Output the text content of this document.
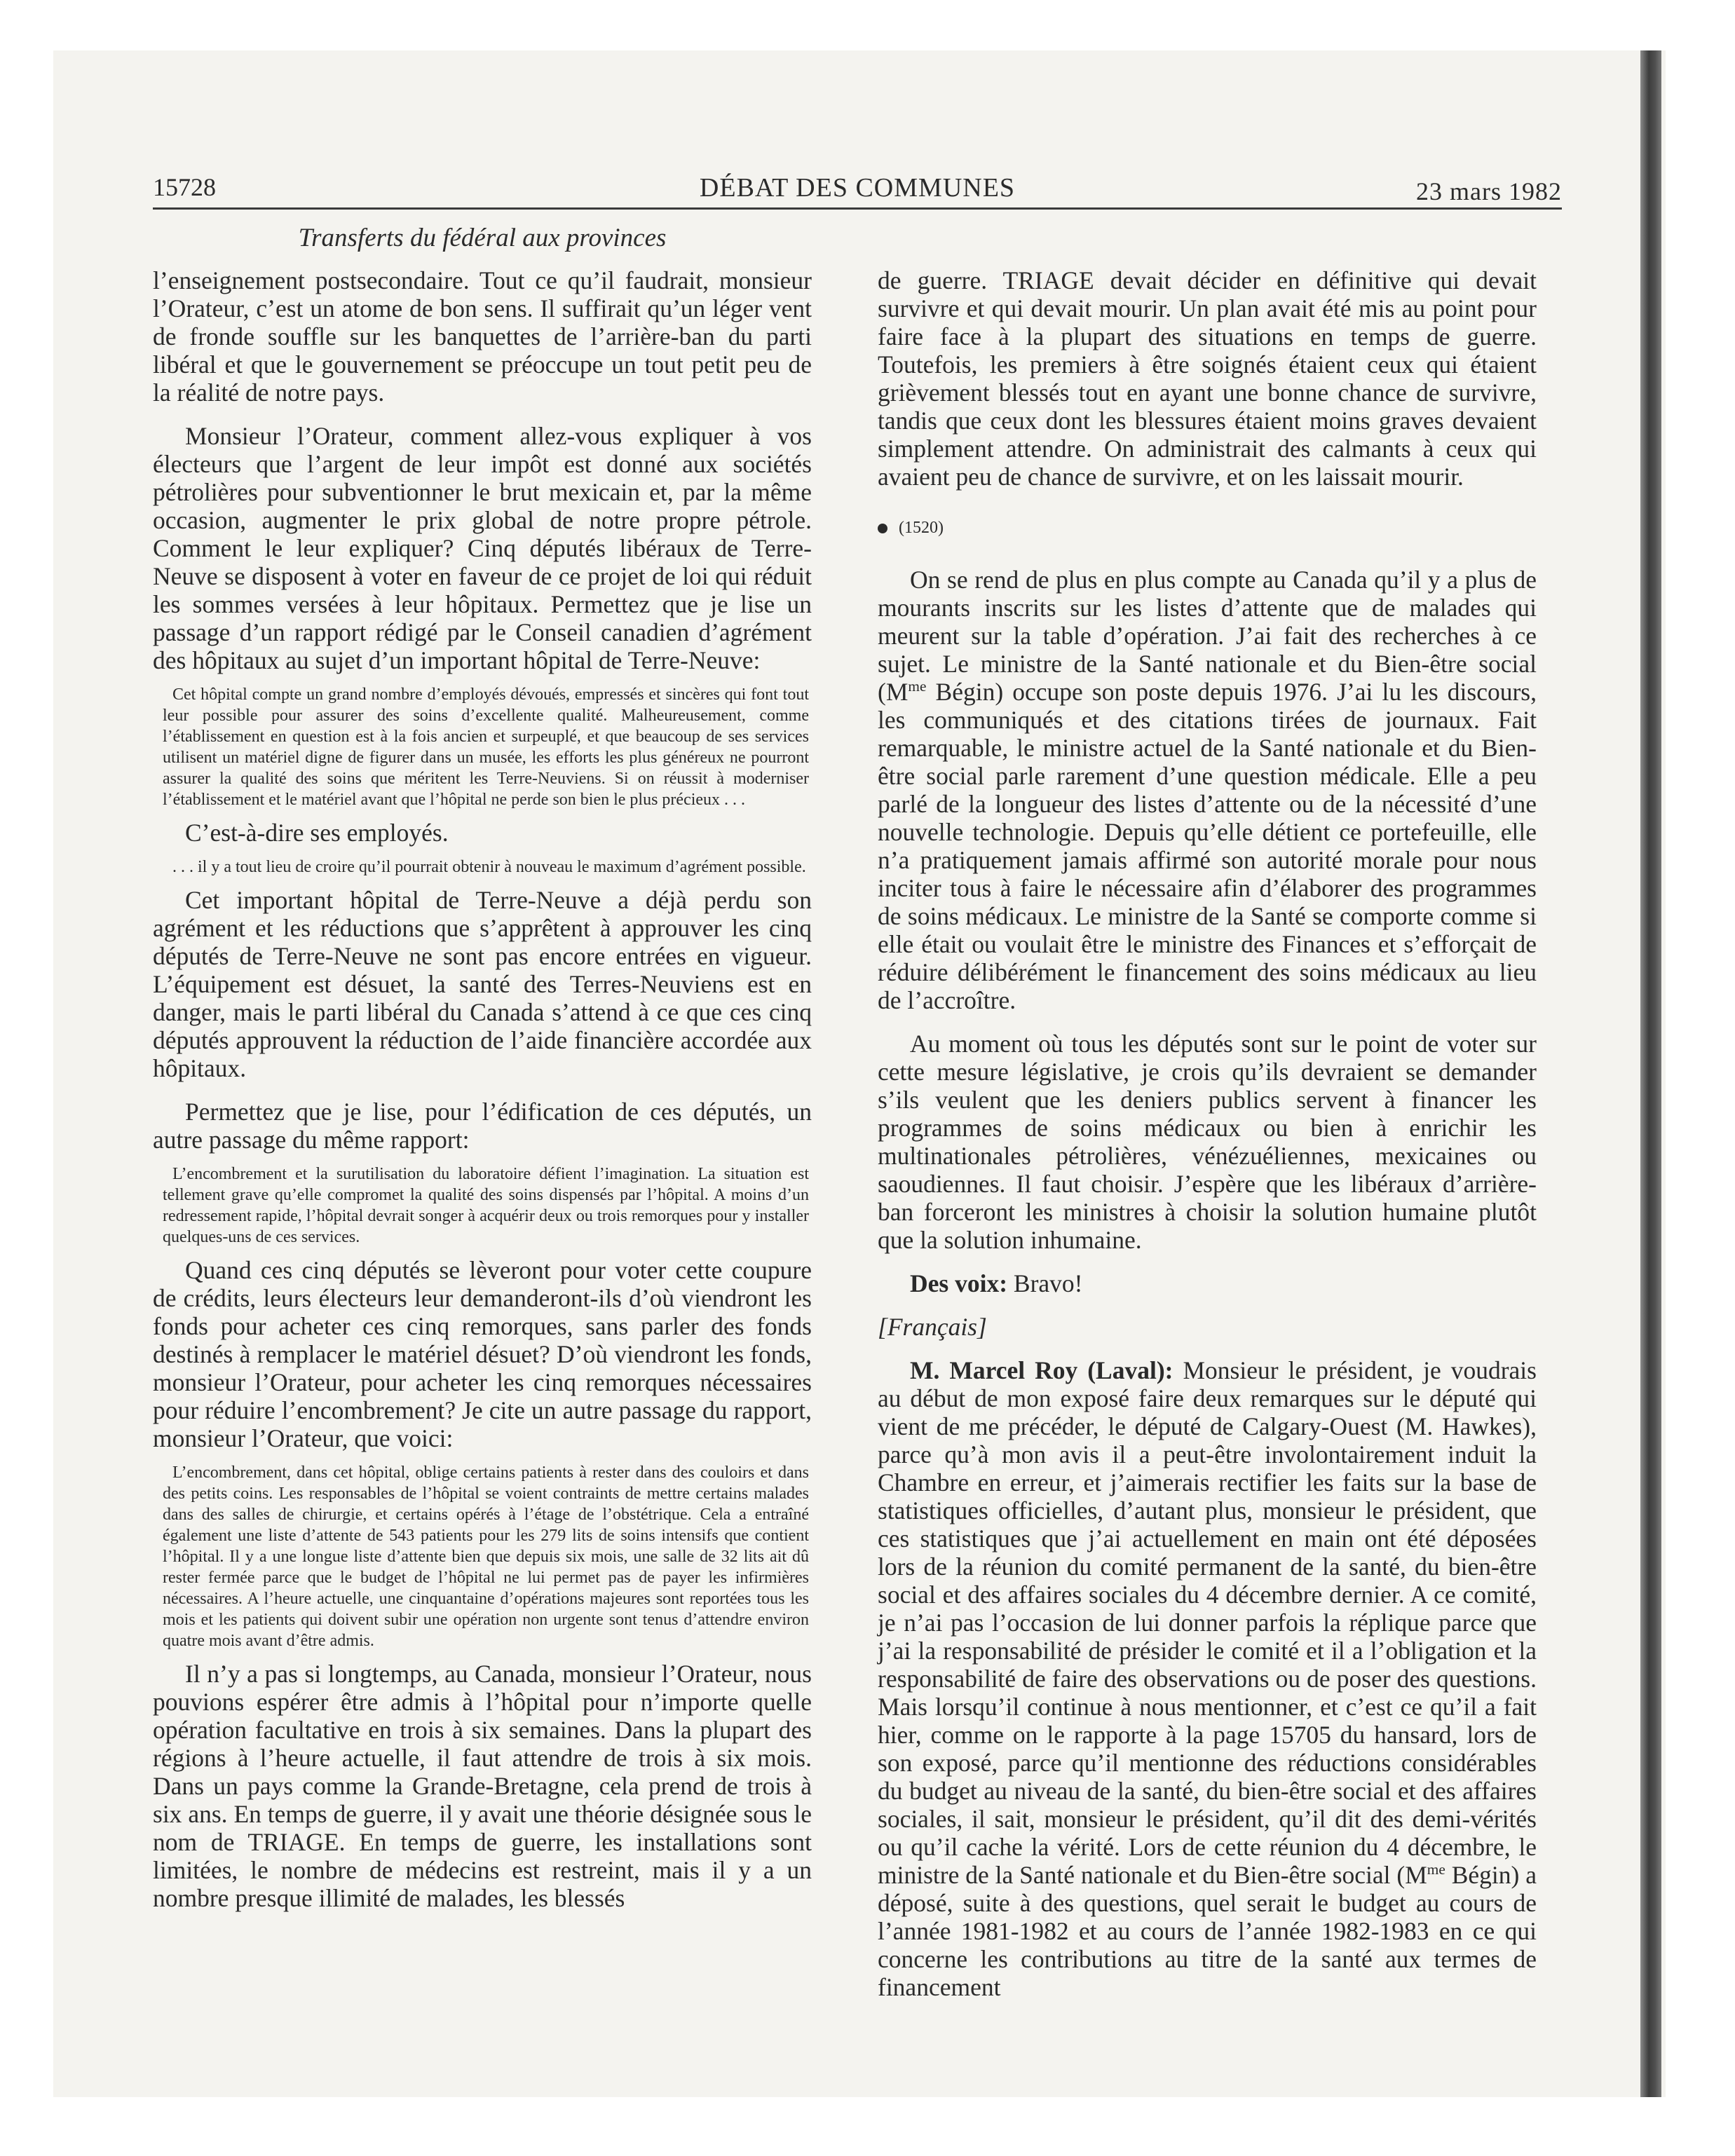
15728	DÉBAT DES COMMUNES	23 mars 1982
Transferts du fédéral aux provinces

l’enseignement postsecondaire. Tout ce qu’il faudrait, monsieur l’Orateur, c’est un atome de bon sens. Il suffirait qu’un léger vent de fronde souffle sur les banquettes de l’arrière-ban du parti libéral et que le gouvernement se préoccupe un tout petit peu de la réalité de notre pays.

Monsieur l’Orateur, comment allez-vous expliquer à vos électeurs que l’argent de leur impôt est donné aux sociétés pétrolières pour subventionner le brut mexicain et, par la même occasion, augmenter le prix global de notre propre pétrole. Comment le leur expliquer? Cinq députés libéraux de Terre-Neuve se disposent à voter en faveur de ce projet de loi qui réduit les sommes versées à leur hôpitaux. Permettez que je lise un passage d’un rapport rédigé par le Conseil canadien d’agrément des hôpitaux au sujet d’un important hôpital de Terre-Neuve:

Cet hôpital compte un grand nombre d’employés dévoués, empressés et sincères qui font tout leur possible pour assurer des soins d’excellente qualité. Malheureusement, comme l’établissement en question est à la fois ancien et surpeuplé, et que beaucoup de ses services utilisent un matériel digne de figurer dans un musée, les efforts les plus généreux ne pourront assurer la qualité des soins que méritent les Terre-Neuviens. Si on réussit à moderniser l’établissement et le matériel avant que l’hôpital ne perde son bien le plus précieux . . .

C’est-à-dire ses employés.

. . . il y a tout lieu de croire qu’il pourrait obtenir à nouveau le maximum d’agrément possible.

Cet important hôpital de Terre-Neuve a déjà perdu son agrément et les réductions que s’apprêtent à approuver les cinq députés de Terre-Neuve ne sont pas encore entrées en vigueur. L’équipement est désuet, la santé des Terres-Neuviens est en danger, mais le parti libéral du Canada s’attend à ce que ces cinq députés approuvent la réduction de l’aide financière accordée aux hôpitaux.

Permettez que je lise, pour l’édification de ces députés, un autre passage du même rapport:

L’encombrement et la surutilisation du laboratoire défient l’imagination. La situation est tellement grave qu’elle compromet la qualité des soins dispensés par l’hôpital. A moins d’un redressement rapide, l’hôpital devrait songer à acquérir deux ou trois remorques pour y installer quelques-uns de ces services.

Quand ces cinq députés se lèveront pour voter cette coupure de crédits, leurs électeurs leur demanderont-ils d’où viendront les fonds pour acheter ces cinq remorques, sans parler des fonds destinés à remplacer le matériel désuet? D’où viendront les fonds, monsieur l’Orateur, pour acheter les cinq remorques nécessaires pour réduire l’encombrement? Je cite un autre passage du rapport, monsieur l’Orateur, que voici:

L’encombrement, dans cet hôpital, oblige certains patients à rester dans des couloirs et dans des petits coins. Les responsables de l’hôpital se voient contraints de mettre certains malades dans des salles de chirurgie, et certains opérés à l’étage de l’obstétrique. Cela a entraîné également une liste d’attente de 543 patients pour les 279 lits de soins intensifs que contient l’hôpital. Il y a une longue liste d’attente bien que depuis six mois, une salle de 32 lits ait dû rester fermée parce que le budget de l’hôpital ne lui permet pas de payer les infirmières nécessaires. A l’heure actuelle, une cinquantaine d’opérations majeures sont reportées tous les mois et les patients qui doivent subir une opération non urgente sont tenus d’attendre environ quatre mois avant d’être admis.

Il n’y a pas si longtemps, au Canada, monsieur l’Orateur, nous pouvions espérer être admis à l’hôpital pour n’importe quelle opération facultative en trois à six semaines. Dans la plupart des régions à l’heure actuelle, il faut attendre de trois à six mois. Dans un pays comme la Grande-Bretagne, cela prend de trois à six ans. En temps de guerre, il y avait une théorie désignée sous le nom de TRIAGE. En temps de guerre, les installations sont limitées, le nombre de médecins est restreint, mais il y a un nombre presque illimité de malades, les blessés

de guerre. TRIAGE devait décider en définitive qui devait survivre et qui devait mourir. Un plan avait été mis au point pour faire face à la plupart des situations en temps de guerre. Toutefois, les premiers à être soignés étaient ceux qui étaient grièvement blessés tout en ayant une bonne chance de survivre, tandis que ceux dont les blessures étaient moins graves devaient simplement attendre. On administrait des calmants à ceux qui avaient peu de chance de survivre, et on les laissait mourir.

(1520)

On se rend de plus en plus compte au Canada qu’il y a plus de mourants inscrits sur les listes d’attente que de malades qui meurent sur la table d’opération. J’ai fait des recherches à ce sujet. Le ministre de la Santé nationale et du Bien-être social ($M^{me}$ Bégin) occupe son poste depuis 1976. J’ai lu les discours, les communiqués et des citations tirées de journaux. Fait remarquable, le ministre actuel de la Santé nationale et du Bien-être social parle rarement d’une question médicale. Elle a peu parlé de la longueur des listes d’attente ou de la nécessité d’une nouvelle technologie. Depuis qu’elle détient ce portefeuille, elle n’a pratiquement jamais affirmé son autorité morale pour nous inciter tous à faire le nécessaire afin d’élaborer des programmes de soins médicaux. Le ministre de la Santé se comporte comme si elle était ou voulait être le ministre des Finances et s’efforçait de réduire délibérément le financement des soins médicaux au lieu de l’accroître.

Au moment où tous les députés sont sur le point de voter sur cette mesure législative, je crois qu’ils devraient se demander s’ils veulent que les deniers publics servent à financer les programmes de soins médicaux ou bien à enrichir les multinationales pétrolières, vénézuéliennes, mexicaines ou saoudiennes. Il faut choisir. J’espère que les libéraux d’arrière-ban forceront les ministres à choisir la solution humaine plutôt que la solution inhumaine.

Des voix: Bravo!

[Français]

M. Marcel Roy (Laval): Monsieur le président, je voudrais au début de mon exposé faire deux remarques sur le député qui vient de me précéder, le député de Calgary-Ouest (M. Hawkes), parce qu’à mon avis il a peut-être involontairement induit la Chambre en erreur, et j’aimerais rectifier les faits sur la base de statistiques officielles, d’autant plus, monsieur le président, que ces statistiques que j’ai actuellement en main ont été déposées lors de la réunion du comité permanent de la santé, du bien-être social et des affaires sociales du 4 décembre dernier. A ce comité, je n’ai pas l’occasion de lui donner parfois la réplique parce que j’ai la responsabilité de présider le comité et il a l’obligation et la responsabilité de faire des observations ou de poser des questions. Mais lorsqu’il continue à nous mentionner, et c’est ce qu’il a fait hier, comme on le rapporte à la page 15705 du hansard, lors de son exposé, parce qu’il mentionne des réductions considérables du budget au niveau de la santé, du bien-être social et des affaires sociales, il sait, monsieur le président, qu’il dit des demi-vérités ou qu’il cache la vérité. Lors de cette réunion du 4 décembre, le ministre de la Santé nationale et du Bien-être social ($M^{me}$ Bégin) a déposé, suite à des questions, quel serait le budget au cours de l’année 1981-1982 et au cours de l’année 1982-1983 en ce qui concerne les contributions au titre de la santé aux termes de financement
